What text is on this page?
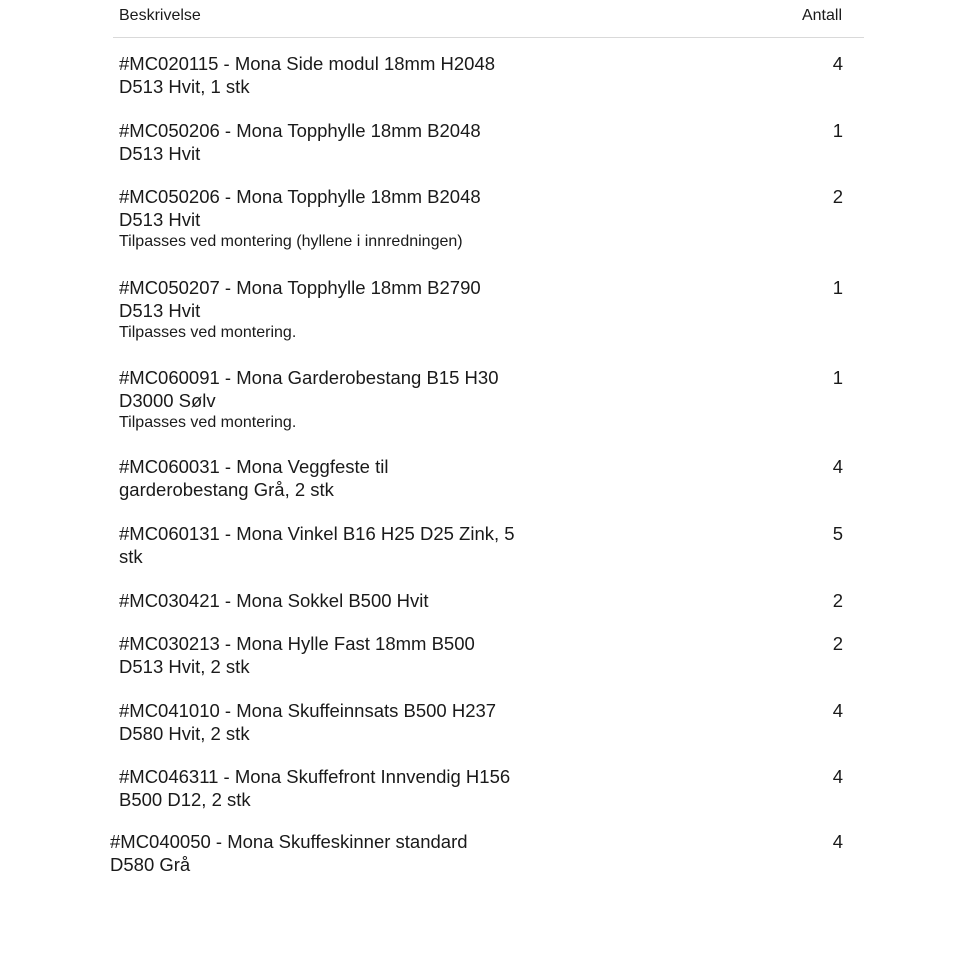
Beskrivelse	Antall
#MC020115 - Mona Side modul 18mm H2048
D513 Hvit, 1 stk
4
#MC050206 - Mona Topphylle 18mm B2048
D513 Hvit
1
#MC050206 - Mona Topphylle 18mm B2048
D513 Hvit
Tilpasses ved montering (hyllene i innredningen)
2
#MC050207 - Mona Topphylle 18mm B2790
D513 Hvit
Tilpasses ved montering.
1
#MC060091 - Mona Garderobestang B15 H30
D3000 Sølv
Tilpasses ved montering.
1
#MC060031 - Mona Veggfeste til
garderobestang Grå, 2 stk
4
#MC060131 - Mona Vinkel B16 H25 D25 Zink, 5
stk
5
#MC030421 - Mona Sokkel B500 Hvit	2
#MC030213 - Mona Hylle Fast 18mm B500
D513 Hvit, 2 stk
2
#MC041010 - Mona Skuffeinnsats B500 H237
D580 Hvit, 2 stk
4
#MC046311 - Mona Skuffefront Innvendig H156
B500 D12, 2 stk
4
#MC040050 - Mona Skuffeskinner standard
D580 Grå
4
